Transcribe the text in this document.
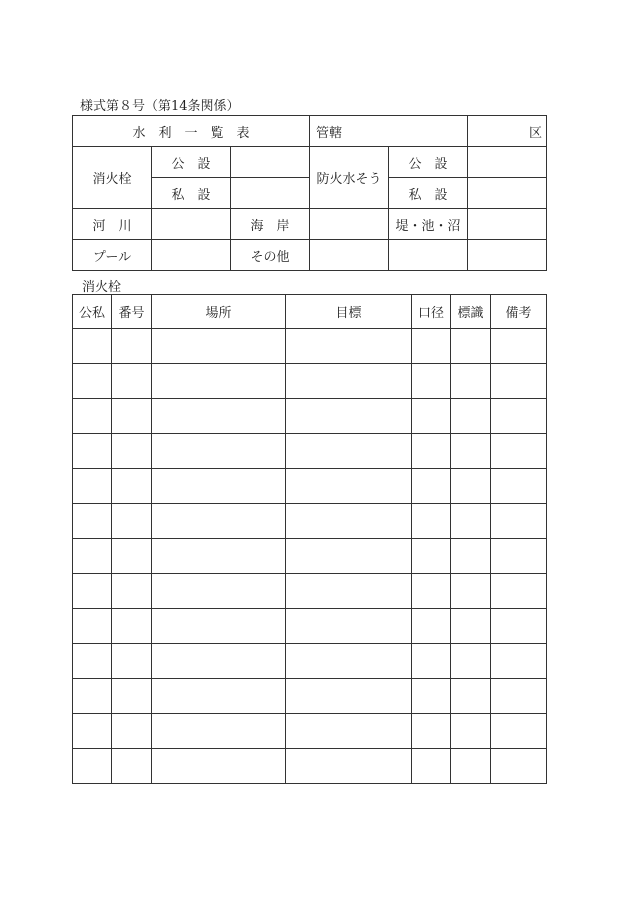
様式第８号（第14条関係）
水　利　一　覧　表			管轄		区
消火栓	公　設		防火水そう	公　設	
	私　設			私　設	
河　川		海　岸		堤・池・沼	
プール		その他			
消火栓
公私	番号	場所	目標	口径	標識	備考
